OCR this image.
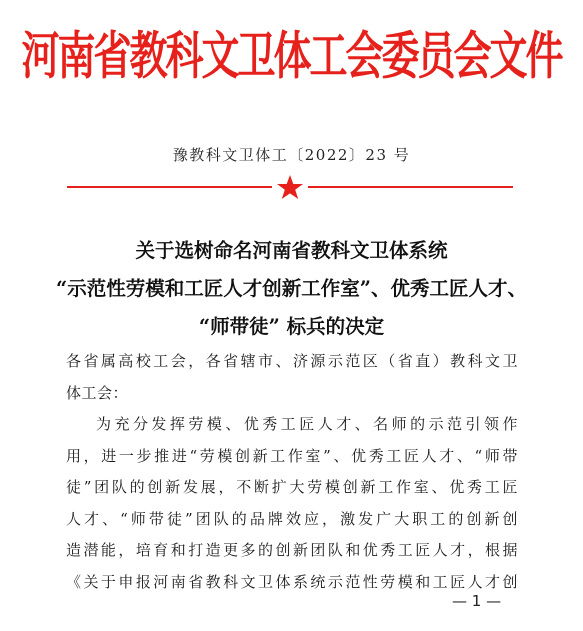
河南省教科文卫体工会委员会文件
豫教科文卫体工〔2022〕23 号
关于选树命名河南省教科文卫体系统
“示范性劳模和工匠人才创新工作室”、优秀工匠人才、
“师带徒” 标兵的决定
各省属高校工会，各省辖市、济源示范区（省直）教科文卫
体工会：
为充分发挥劳模、优秀工匠人才、名师的示范引领作
用，进一步推进“劳模创新工作室”、优秀工匠人才、“师带
徒”团队的创新发展，不断扩大劳模创新工作室、优秀工匠
人才、“师带徒”团队的品牌效应，激发广大职工的创新创
造潜能，培育和打造更多的创新团队和优秀工匠人才，根据
《关于申报河南省教科文卫体系统示范性劳模和工匠人才创
— 1 —
